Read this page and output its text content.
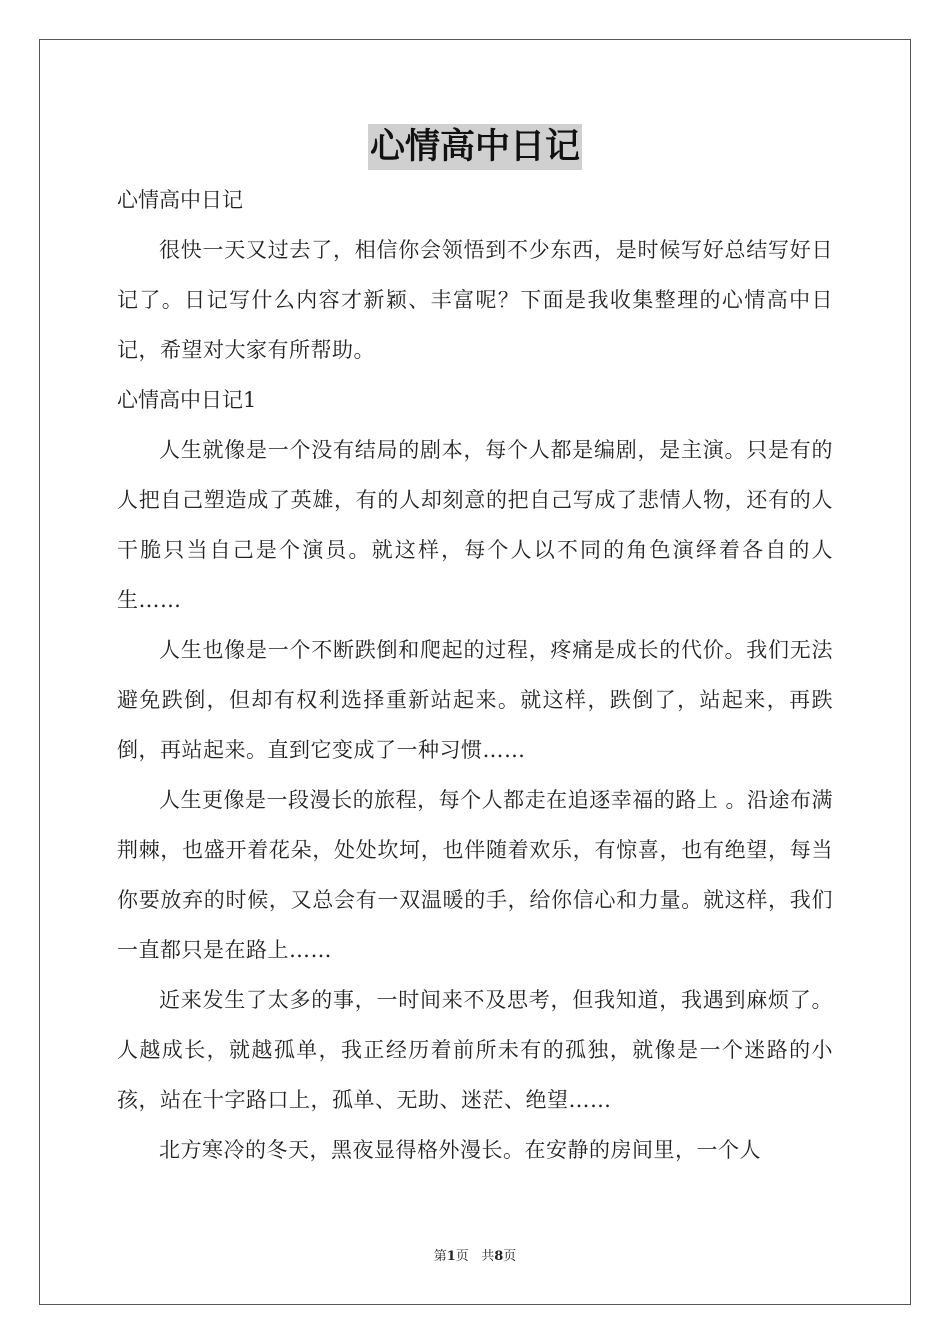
心情高中日记
心情高中日记

很快一天又过去了，相信你会领悟到不少东西，是时候写好总结写好日记了。日记写什么内容才新颖、丰富呢？下面是我收集整理的心情高中日记，希望对大家有所帮助。

心情高中日记1

人生就像是一个没有结局的剧本，每个人都是编剧，是主演。只是有的人把自己塑造成了英雄，有的人却刻意的把自己写成了悲情人物，还有的人干脆只当自己是个演员。就这样，每个人以不同的角色演绎着各自的人生……

人生也像是一个不断跌倒和爬起的过程，疼痛是成长的代价。我们无法避免跌倒，但却有权利选择重新站起来。就这样，跌倒了，站起来，再跌倒，再站起来。直到它变成了一种习惯……

人生更像是一段漫长的旅程，每个人都走在追逐幸福的路上 。沿途布满荆棘，也盛开着花朵，处处坎坷，也伴随着欢乐，有惊喜，也有绝望，每当你要放弃的时候，又总会有一双温暖的手，给你信心和力量。就这样，我们一直都只是在路上……

近来发生了太多的事，一时间来不及思考，但我知道，我遇到麻烦了。人越成长，就越孤单，我正经历着前所未有的孤独，就像是一个迷路的小孩，站在十字路口上，孤单、无助、迷茫、绝望……

北方寒冷的冬天，黑夜显得格外漫长。在安静的房间里，一个人

第1页 共8页
